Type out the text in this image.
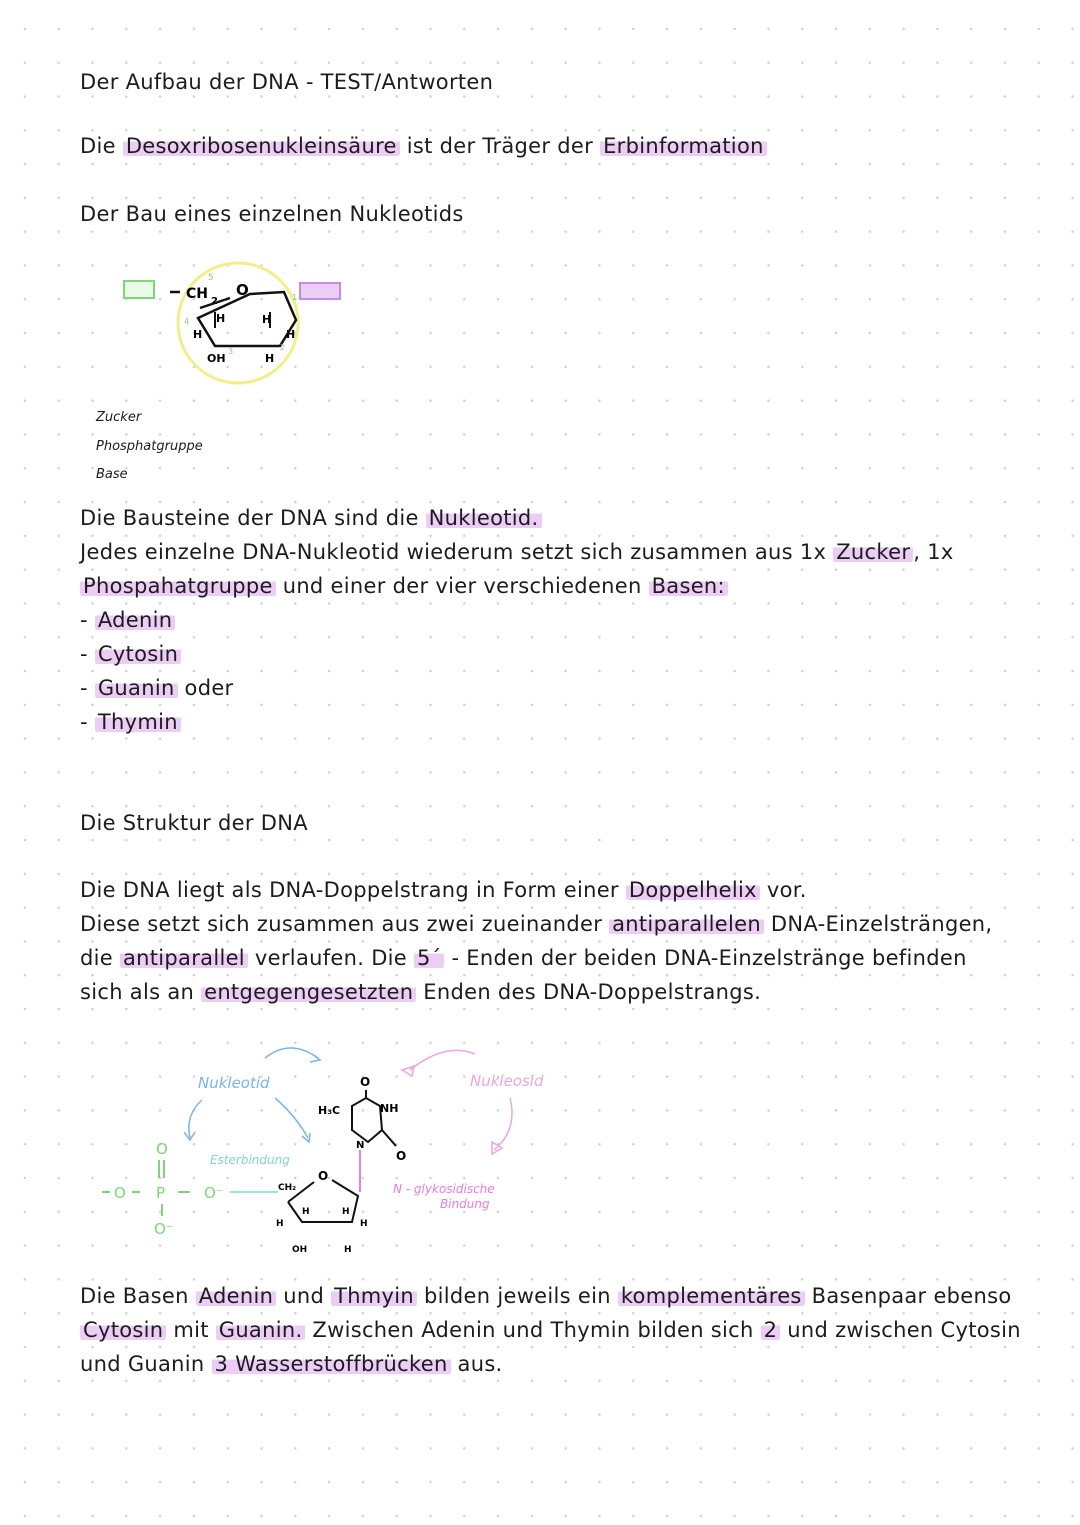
Der Aufbau der DNA - TEST/Antworten

Die Desoxribosenukleinsäure ist der Träger der Erbinformation

Der Bau eines einzelnen Nukleotids

CH 2
5
O
H
H
H
H
H
OH
4
3	2
1
Zucker
Phosphatgruppe
Base

Die Bausteine der DNA sind die Nukleotid.

Jedes einzelne DNA-Nukleotid wiederum setzt sich zusammen aus 1x Zucker , 1x

Phospahatgruppe und einer der vier verschiedenen Basen:

- Adenin

- Cytosin

- Guanin oder

- Thymin

Die Struktur der DNA

Die DNA liegt als DNA-Doppelstrang in Form einer Doppelhelix vor.

Diese setzt sich zusammen aus zwei zueinander antiparallelen DNA-Einzelsträngen,

die antiparallel verlaufen. Die 5´ - Enden der beiden DNA-Einzelstränge befinden

sich als an entgegengesetzten Enden des DNA-Doppelstrangs.

Nukleotid	Nukleosid
Esterbindung
N - glykosidische
Bindung
O P
O
O⁻
O⁻	CH₂
O
H	H
H	H
H
OH
H₃C
O
NH
N
O

Die Basen Adenin und Thmyin bilden jeweils ein komplementäres Basenpaar ebenso

Cytosin mit Guanin. Zwischen Adenin und Thymin bilden sich 2 und zwischen Cytosin

und Guanin 3 Wasserstoffbrücken aus.
